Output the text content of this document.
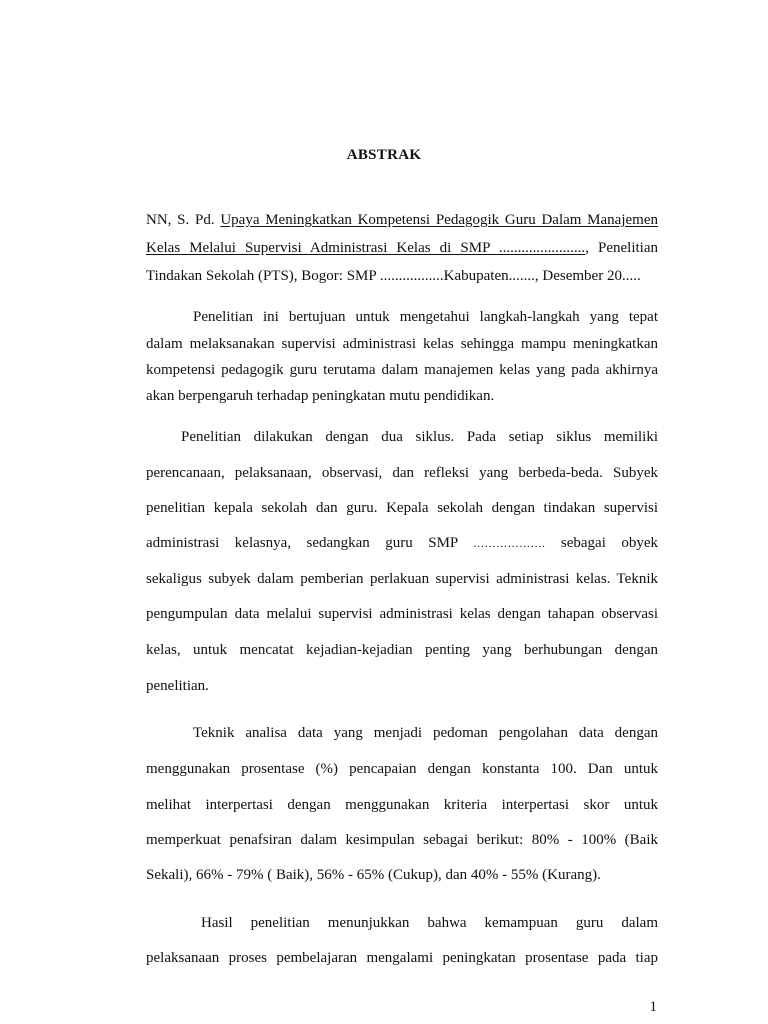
ABSTRAK
NN, S. Pd. Upaya Meningkatkan Kompetensi Pedagogik Guru Dalam Manajemen
Kelas Melalui Supervisi Administrasi Kelas di SMP ......................., Penelitian
Tindakan Sekolah (PTS), Bogor: SMP .................Kabupaten......., Desember 20.....
Penelitian ini bertujuan untuk mengetahui langkah-langkah yang tepat
dalam melaksanakan supervisi administrasi kelas sehingga mampu meningkatkan
kompetensi pedagogik guru terutama dalam manajemen kelas yang pada akhirnya
akan berpengaruh terhadap peningkatan mutu pendidikan.
Penelitian dilakukan dengan dua siklus. Pada setiap siklus memiliki
perencanaan, pelaksanaan, observasi, dan refleksi yang berbeda-beda. Subyek
penelitian kepala sekolah dan guru. Kepala sekolah dengan tindakan supervisi
administrasi kelasnya, sedangkan guru SMP ………………. sebagai obyek
sekaligus subyek dalam pemberian perlakuan supervisi administrasi kelas. Teknik
pengumpulan data melalui supervisi administrasi kelas dengan tahapan observasi
kelas, untuk mencatat kejadian-kejadian penting yang berhubungan dengan
penelitian.
Teknik analisa data yang menjadi pedoman pengolahan data dengan
menggunakan prosentase (%) pencapaian dengan konstanta 100. Dan untuk
melihat interpertasi dengan menggunakan kriteria interpertasi skor untuk
memperkuat penafsiran dalam kesimpulan sebagai berikut: 80% - 100% (Baik
Sekali), 66% - 79% ( Baik), 56% - 65% (Cukup), dan 40% - 55% (Kurang).
Hasil penelitian menunjukkan bahwa kemampuan guru dalam
pelaksanaan proses pembelajaran mengalami peningkatan prosentase pada tiap
1
